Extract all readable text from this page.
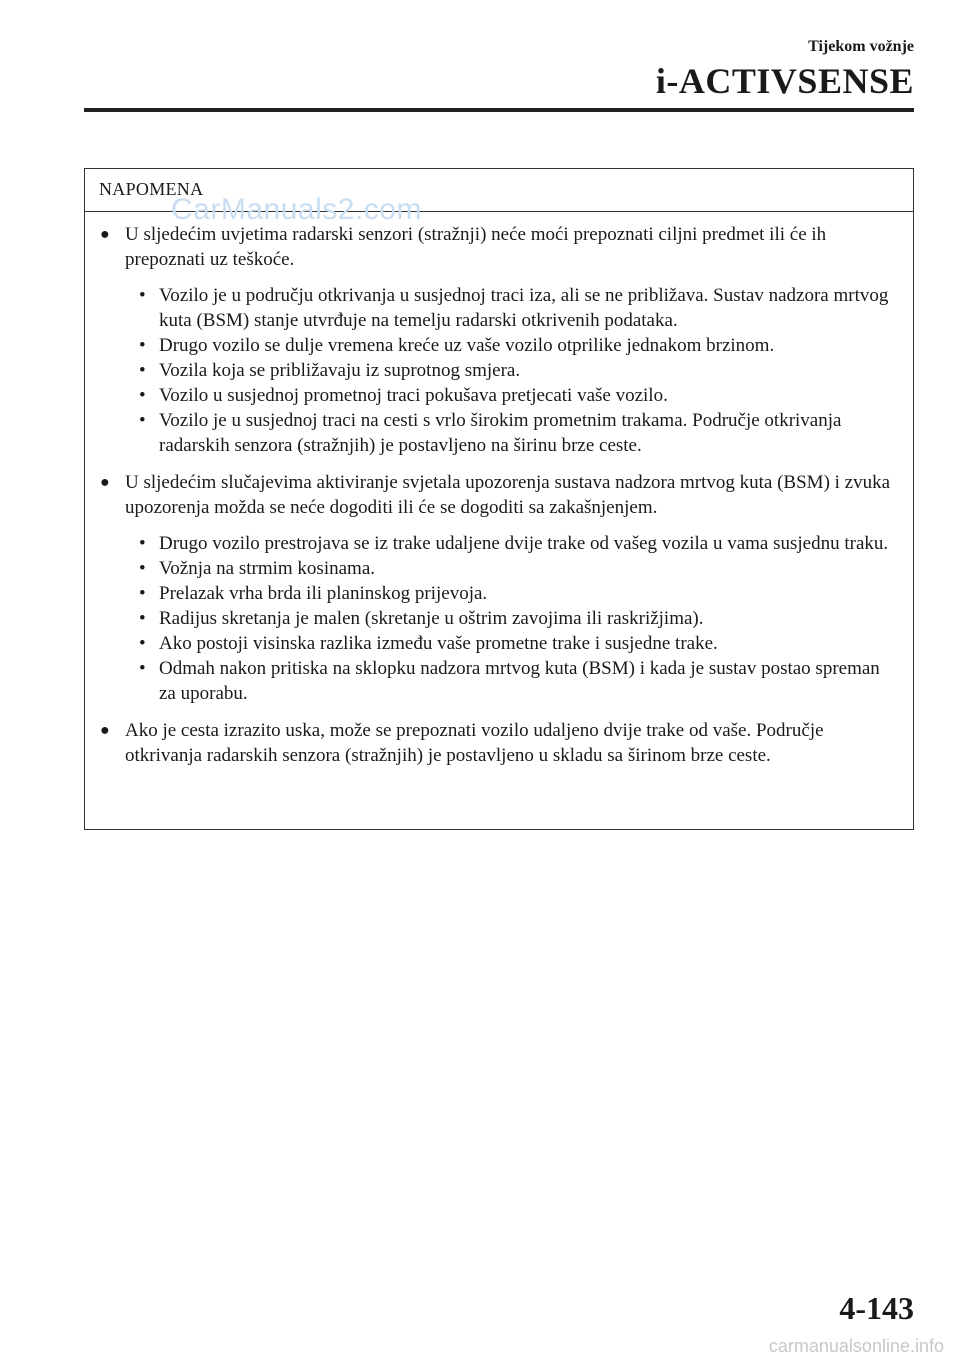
Tijekom vožnje
i-ACTIVSENSE
NAPOMENA
CarManuals2.com
● U sljedećim uvjetima radarski senzori (stražnji) neće moći prepoznati ciljni predmet ili će ih prepoznati uz teškoće.
• Vozilo je u području otkrivanja u susjednoj traci iza, ali se ne približava. Sustav nadzora mrtvog kuta (BSM) stanje utvrđuje na temelju radarski otkrivenih podataka.
• Drugo vozilo se dulje vremena kreće uz vaše vozilo otprilike jednakom brzinom.
• Vozila koja se približavaju iz suprotnog smjera.
• Vozilo u susjednoj prometnoj traci pokušava pretjecati vaše vozilo.
• Vozilo je u susjednoj traci na cesti s vrlo širokim prometnim trakama. Područje otkrivanja radarskih senzora (stražnjih) je postavljeno na širinu brze ceste.
● U sljedećim slučajevima aktiviranje svjetala upozorenja sustava nadzora mrtvog kuta (BSM) i zvuka upozorenja možda se neće dogoditi ili će se dogoditi sa zakašnjenjem.
• Drugo vozilo prestrojava se iz trake udaljene dvije trake od vašeg vozila u vama susjednu traku.
• Vožnja na strmim kosinama.
• Prelazak vrha brda ili planinskog prijevoja.
• Radijus skretanja je malen (skretanje u oštrim zavojima ili raskrižjima).
• Ako postoji visinska razlika između vaše prometne trake i susjedne trake.
• Odmah nakon pritiska na sklopku nadzora mrtvog kuta (BSM) i kada je sustav postao spreman za uporabu.
● Ako je cesta izrazito uska, može se prepoznati vozilo udaljeno dvije trake od vaše. Područje otkrivanja radarskih senzora (stražnjih) je postavljeno u skladu sa širinom brze ceste.
4-143
carmanualsonline.info
